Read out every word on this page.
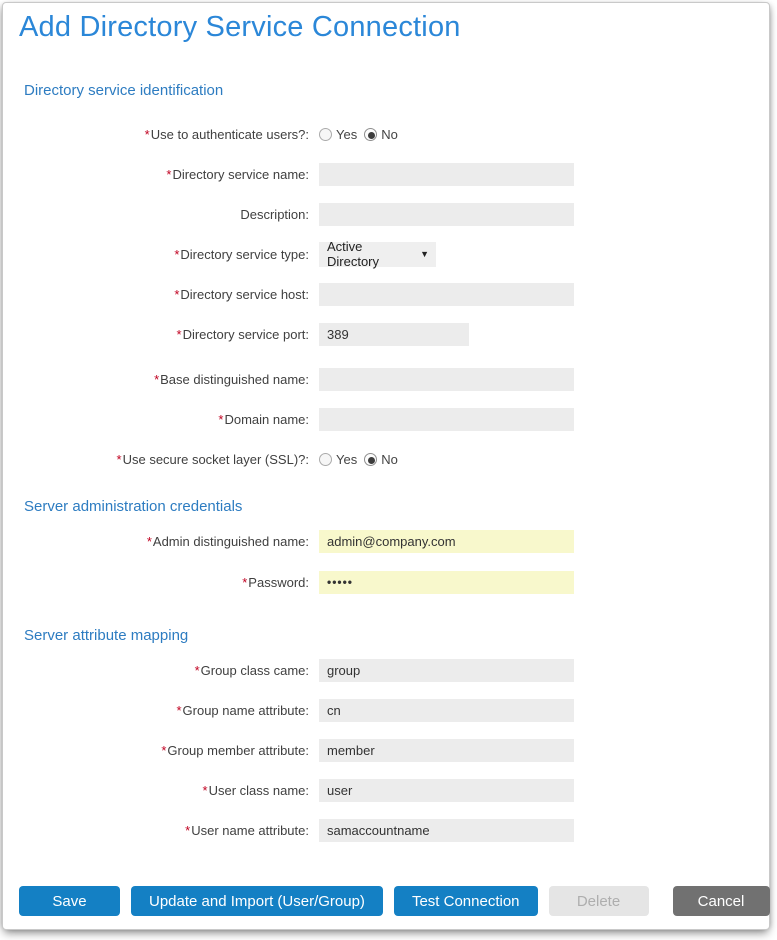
Add Directory Service Connection
Directory service identification
*Use to authenticate users?:	Yes No
*Directory service name:
Description:
*Directory service type:	Active Directory	▼
*Directory service host:
*Directory service port:
389
*Base distinguished name:
*Domain name:
*Use secure socket layer (SSL)?:	Yes No
Server administration credentials
*Admin distinguished name:
admin@company.com
*Password:
•••••
Server attribute mapping
*Group class came:
group
*Group name attribute:
cn
*Group member attribute:
member
*User class name:
user
*User name attribute:
samaccountname
Save	Update and Import (User/Group)	Test Connection	Delete	Cancel
